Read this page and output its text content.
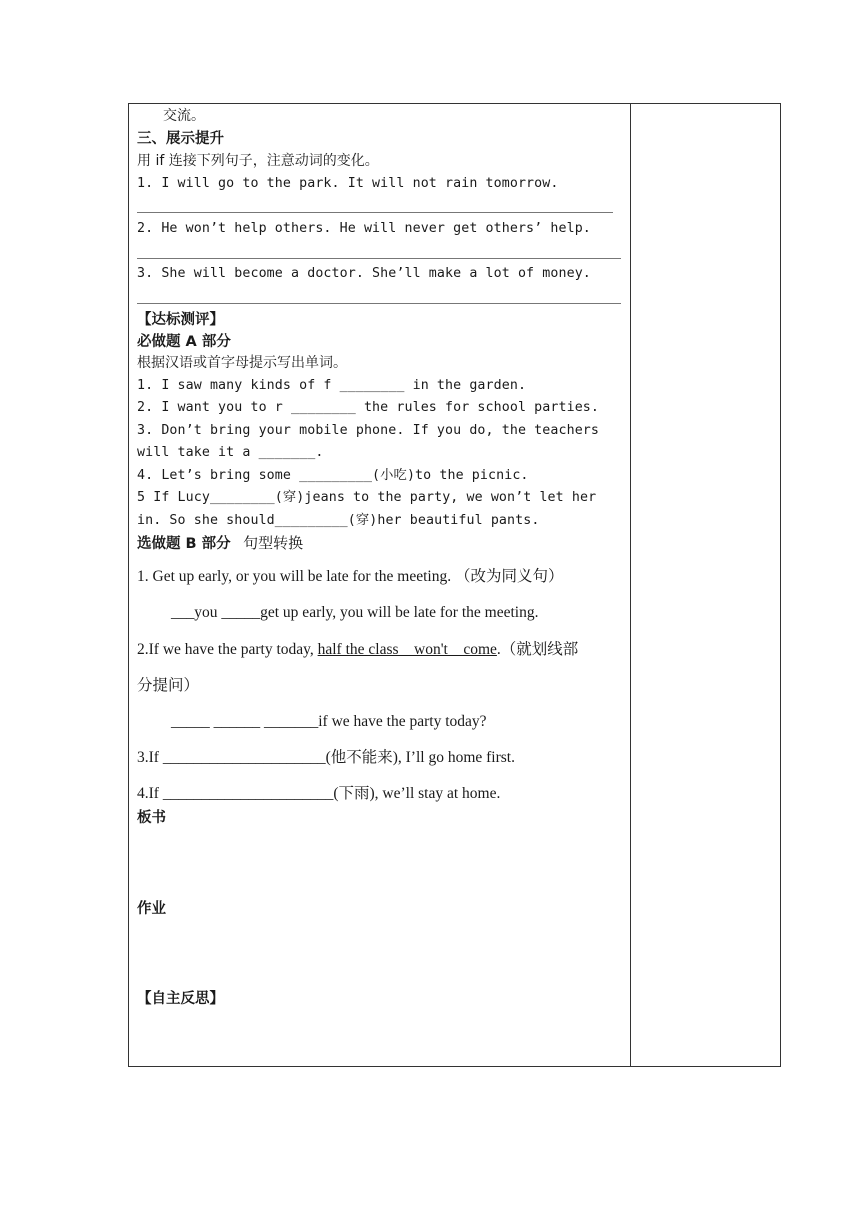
交流。
三、展示提升
用 if 连接下列句子，注意动词的变化。
1. I will go to the park. It will not rain tomorrow.
2. He won’t help others. He will never get others’ help.
3. She will become a doctor. She’ll make a lot of money.
【达标测评】
必做题 A 部分
根据汉语或首字母提示写出单词。
1. I saw many kinds of f ________ in the garden.
2. I want you to r ________ the rules for school parties.
3. Don’t bring your mobile phone. If you do, the teachers
will take it a _______.
4. Let’s bring some _________(小吃)to the picnic.
5 If Lucy________(穿)jeans to the party, we won’t let her
in. So she should_________(穿)her beautiful pants.
选做题 B 部分 句型转换
1. Get up early, or you will be late for the meeting. （改为同义句）
___you _____get up early, you will be late for the meeting.
2.If we have the party today, half the class    won't    come.（就划线部
分提问）
_____ ______ _______if we have the party today?
3.If _____________________(他不能来), I’ll go home first.
4.If ______________________(下雨), we’ll stay at home.
板书
作业
【自主反思】
